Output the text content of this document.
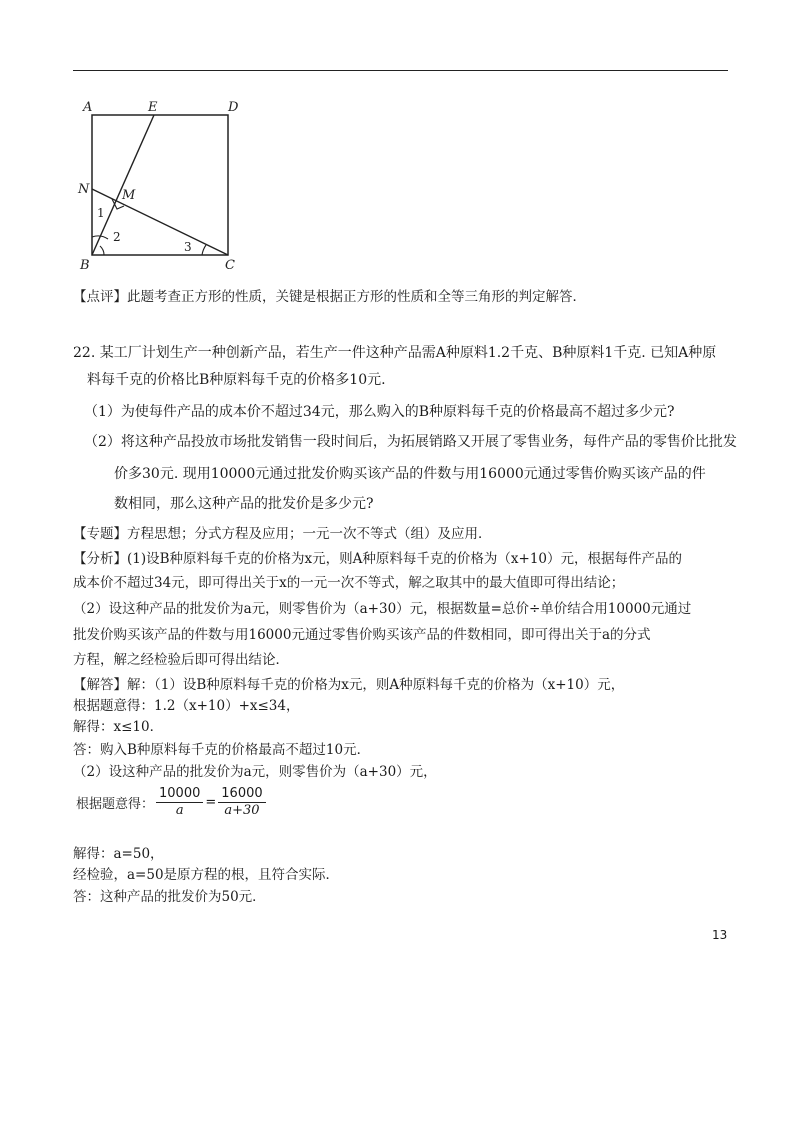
A	E	D
N	M
B	C
1
2
3
【点评】此题考查正方形的性质，关键是根据正方形的性质和全等三角形的判定解答．
22. 某工厂计划生产一种创新产品，若生产一件这种产品需A种原料1.2千克、B种原料1千克. 已知A种原
料每千克的价格比B种原料每千克的价格多10元.
（1）为使每件产品的成本价不超过34元，那么购入的B种原料每千克的价格最高不超过多少元?
（2）将这种产品投放市场批发销售一段时间后，为拓展销路又开展了零售业务，每件产品的零售价比批发
价多30元. 现用10000元通过批发价购买该产品的件数与用16000元通过零售价购买该产品的件
数相同，那么这种产品的批发价是多少元?
【专题】方程思想；分式方程及应用；一元一次不等式（组）及应用．
【分析】(1)设B种原料每千克的价格为x元，则A种原料每千克的价格为（x+10）元，根据每件产品的
成本价不超过34元，即可得出关于x的一元一次不等式，解之取其中的最大值即可得出结论；
（2）设这种产品的批发价为a元，则零售价为（a+30）元，根据数量=总价÷单价结合用10000元通过
批发价购买该产品的件数与用16000元通过零售价购买该产品的件数相同，即可得出关于a的分式
方程，解之经检验后即可得出结论．
【解答】解：（1）设B种原料每千克的价格为x元，则A种原料每千克的价格为（x+10）元，
根据题意得：1.2（x+10）+x≤34，
解得：x≤10．
答：购入B种原料每千克的价格最高不超过10元．
（2）设这种产品的批发价为a元，则零售价为（a+30）元，
根据题意得： $\frac{10000}{a} = \frac{16000}{a+30}$
解得：a=50，
经检验，a=50是原方程的根，且符合实际．
答：这种产品的批发价为50元．
13
